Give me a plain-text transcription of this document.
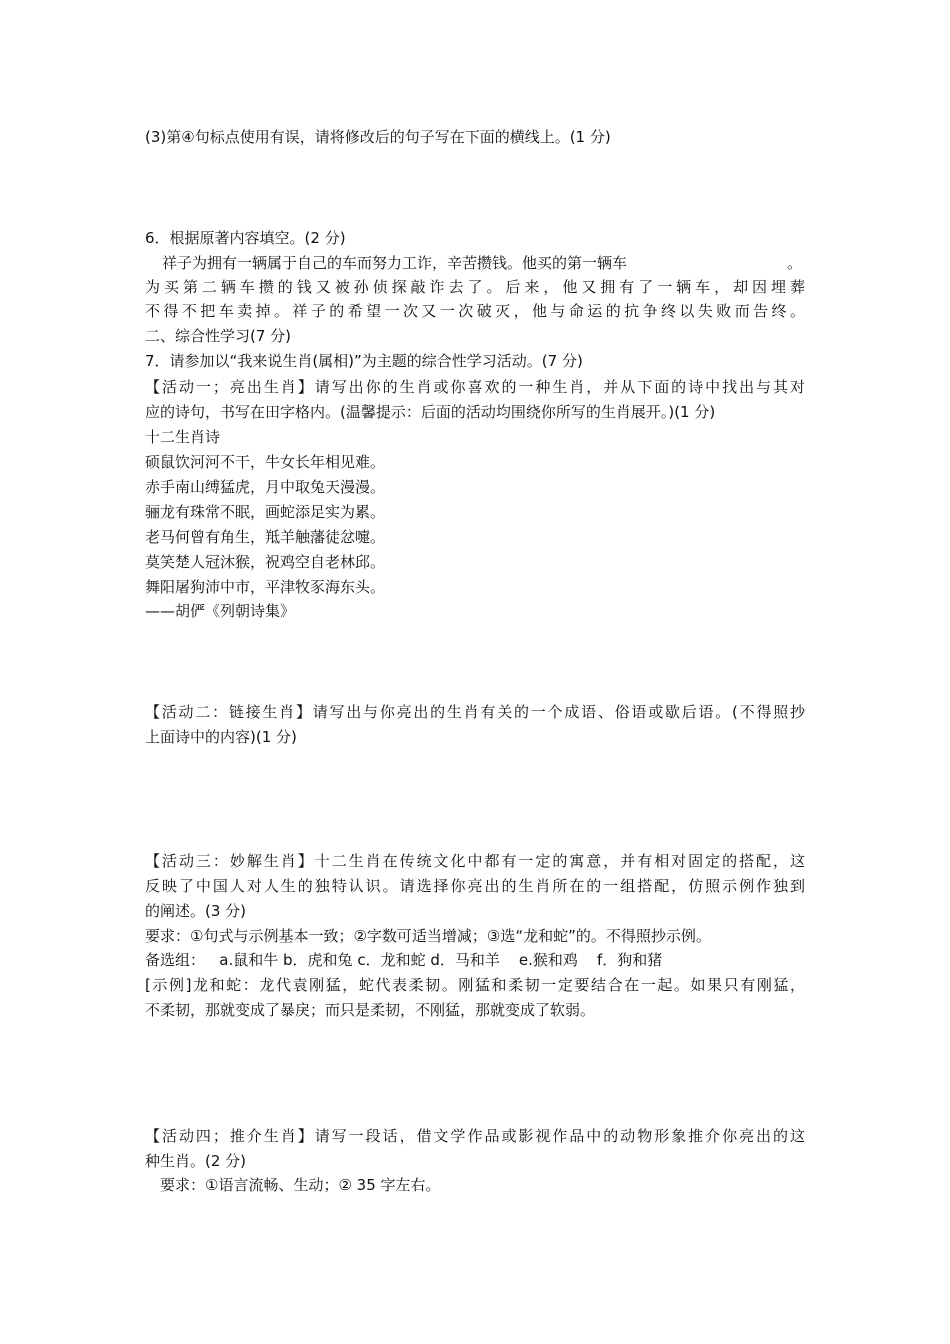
(3)第④句标点使用有误，请将修改后的句子写在下面的横线上。(1 分)
6．根据原著内容填空。(2 分)
祥子为拥有一辆属于自己的车而努力工诈，辛苦攒钱。他买的第一辆车	。
为买第二辆车攒的钱又被孙侦探敲诈去了。后来，他又拥有了一辆车，却因埋葬
不得不把车卖掉。祥子的希望一次又一次破灭，他与命运的抗争终以失败而告终。
二、综合性学习(7 分)
7．请参加以“我来说生肖(属相)”为主题的综合性学习活动。(7 分)
【活动一；亮出生肖】请写出你的生肖或你喜欢的一种生肖，并从下面的诗中找出与其对
应的诗句，书写在田字格内。(温馨提示：后面的活动均围绕你所写的生肖展开。)(1 分)
十二生肖诗
硕鼠饮河河不干，牛女长年相见难。
赤手南山缚猛虎，月中取兔天漫漫。
骊龙有珠常不眠，画蛇添足实为累。
老马何曾有角生，羝羊触藩徒忿嚏。
莫笑楚人冠沐猴，祝鸡空自老林邱。
舞阳屠狗沛中市，平津牧豕海东头。
——胡俨《列朝诗集》
【活动二：链接生肖】请写出与你亮出的生肖有关的一个成语、俗语或歇后语。(不得照抄
上面诗中的内容)(1 分)
【活动三：妙解生肖】十二生肖在传统文化中都有一定的寓意，并有相对固定的搭配，这
反映了中国人对人生的独特认识。请选择你亮出的生肖所在的一组搭配，仿照示例作独到
的阐述。(3 分)
要求：①句式与示例基本一致；②字数可适当增减；③选“龙和蛇”的。不得照抄示例。
备选组：   a.鼠和牛 b．虎和兔 c．龙和蛇 d．马和羊    e.猴和鸡    f．狗和猪
[示例]龙和蛇：龙代袁刚猛，蛇代表柔韧。刚猛和柔韧一定要结合在一起。如果只有刚猛，
不柔韧，那就变成了暴戾；而只是柔韧，不刚猛，那就变成了软弱。
【活动四；推介生肖】请写一段话，借文学作品或影视作品中的动物形象推介你亮出的这
种生肖。(2 分)
要求：①语言流畅、生动；② 35 字左右。
